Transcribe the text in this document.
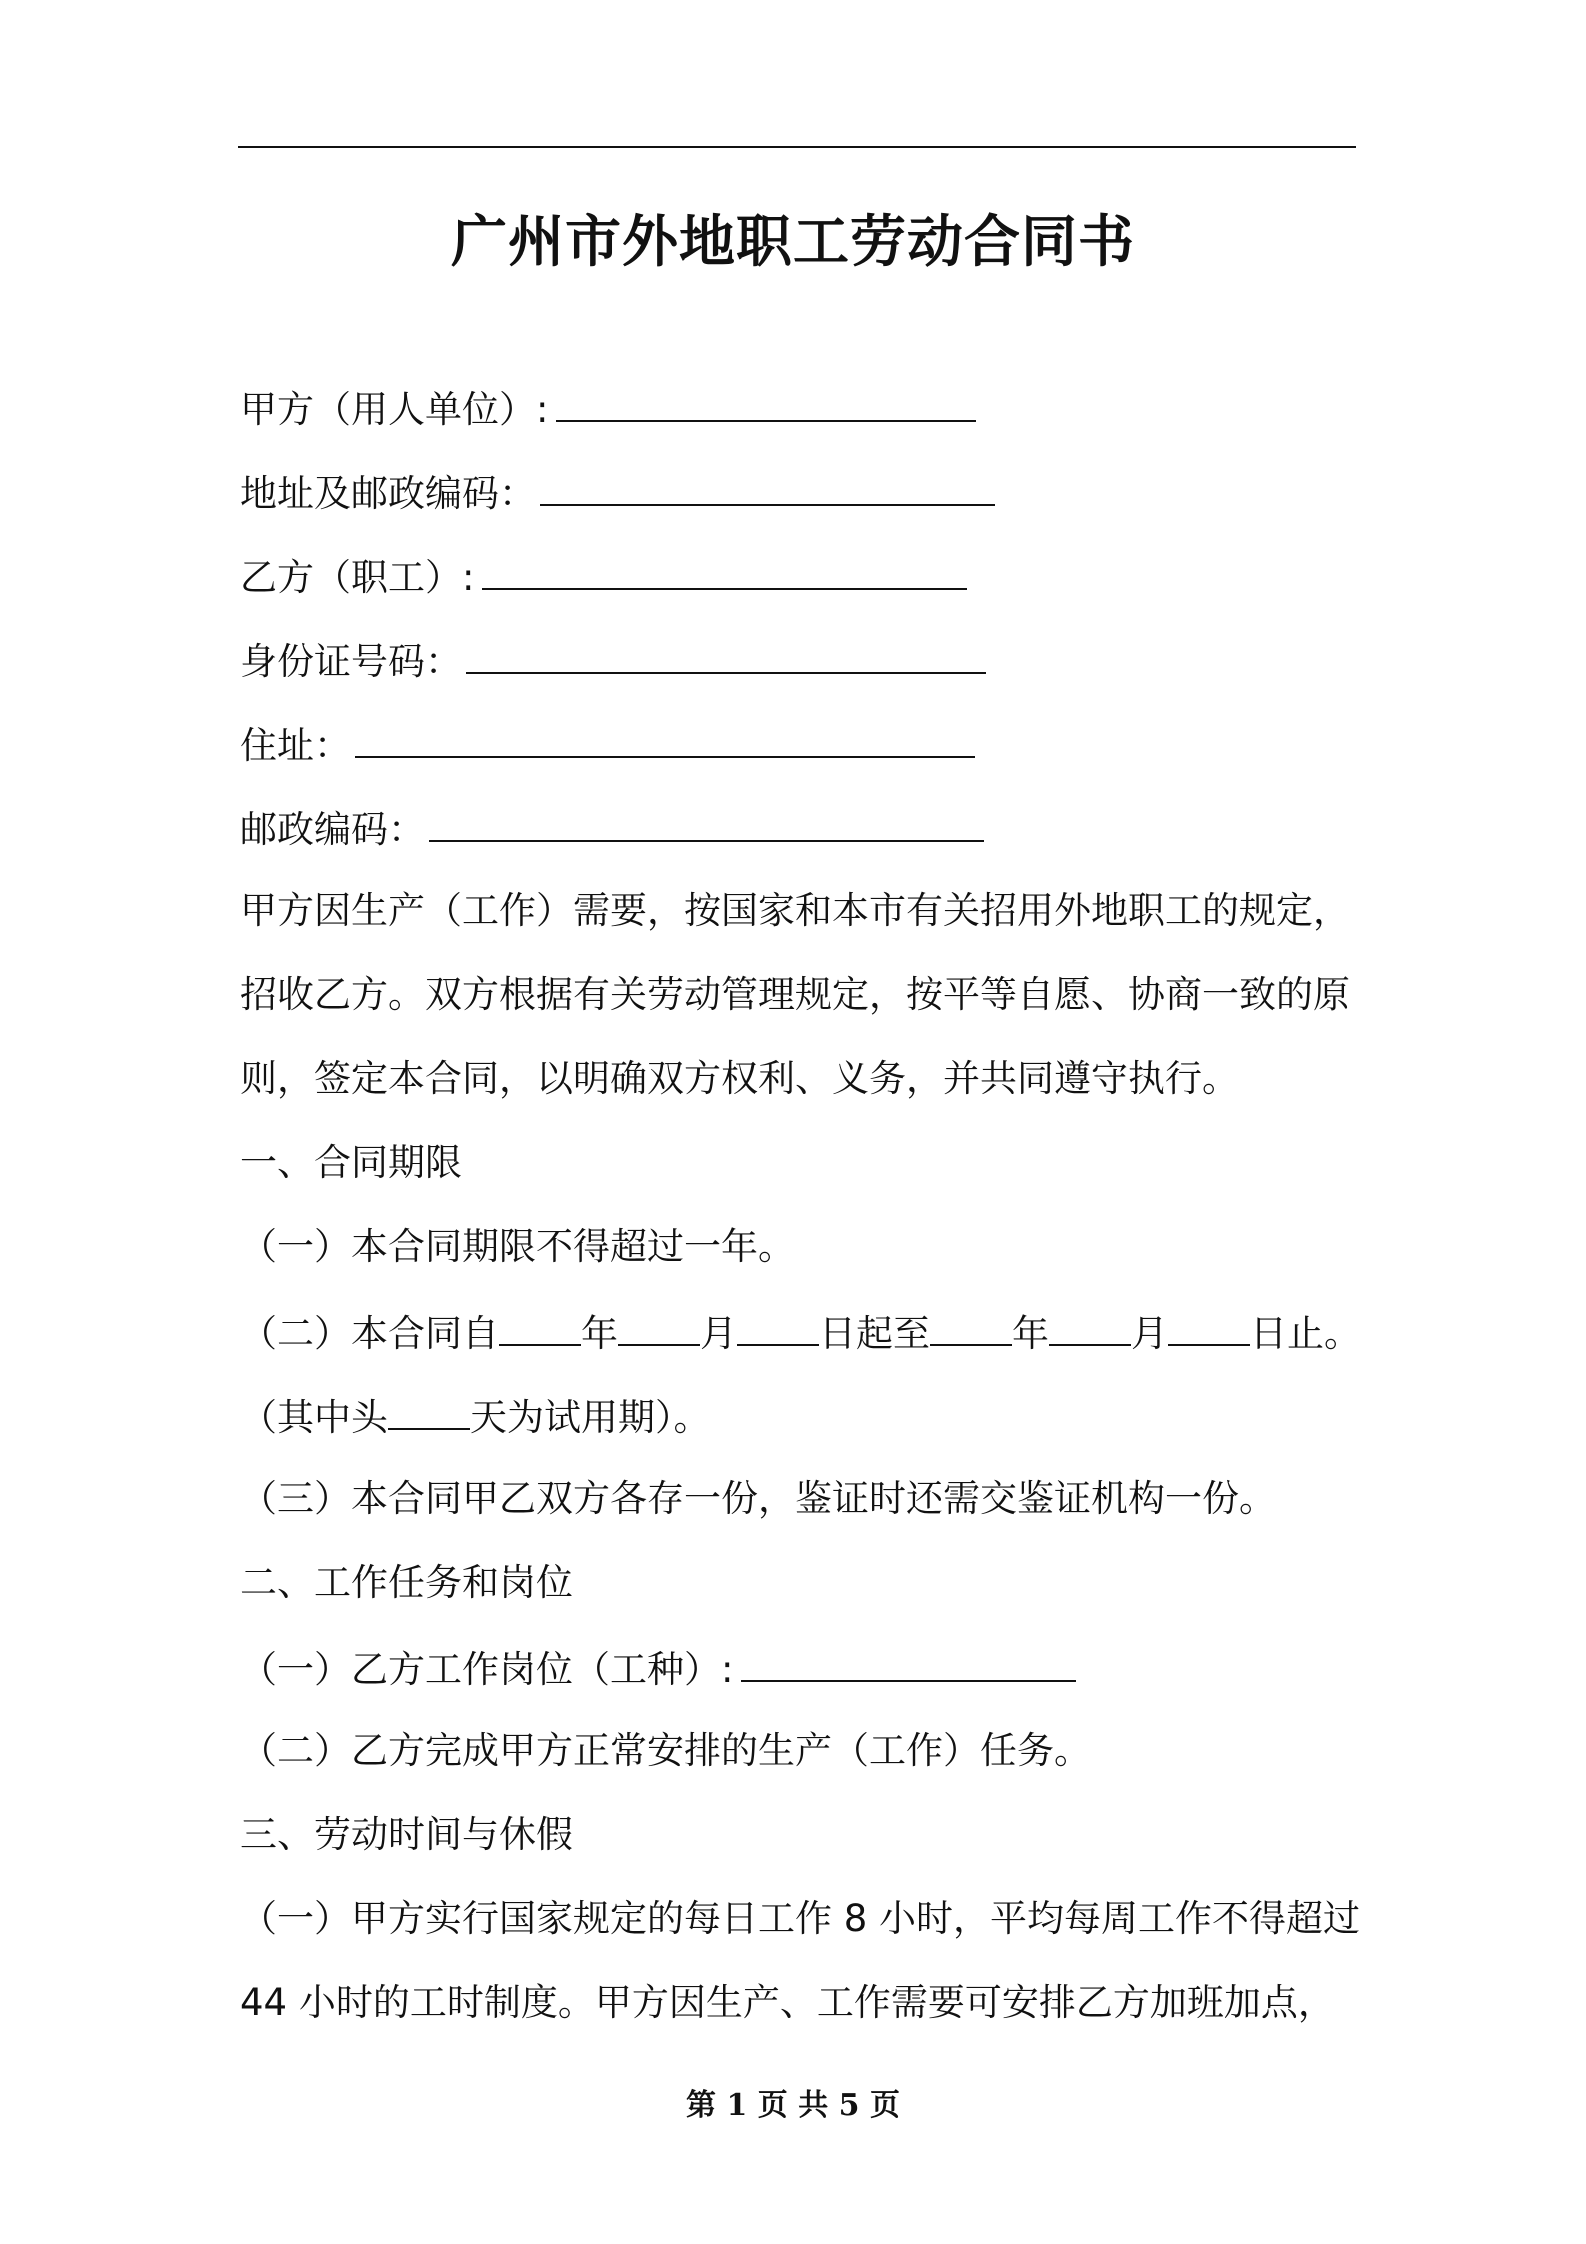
广州市外地职工劳动合同书
甲方（用人单位）:
地址及邮政编码：
乙方（职工）:
身份证号码：
住址：
邮政编码：
甲方因生产（工作）需要，按国家和本市有关招用外地职工的规定，
招收乙方。双方根据有关劳动管理规定，按平等自愿、协商一致的原
则，签定本合同，以明确双方权利、义务，并共同遵守执行。
一、合同期限
（一）本合同期限不得超过一年。
（二）本合同自 年 月 日起至 年 月 日止。
（其中头 天为试用期）。
（三）本合同甲乙双方各存一份，鉴证时还需交鉴证机构一份。
二、工作任务和岗位
（一）乙方工作岗位（工种）:
（二）乙方完成甲方正常安排的生产（工作）任务。
三、劳动时间与休假
（一）甲方实行国家规定的每日工作 8 小时，平均每周工作不得超过
44 小时的工时制度。甲方因生产、工作需要可安排乙方加班加点，
第 1 页 共 5 页
